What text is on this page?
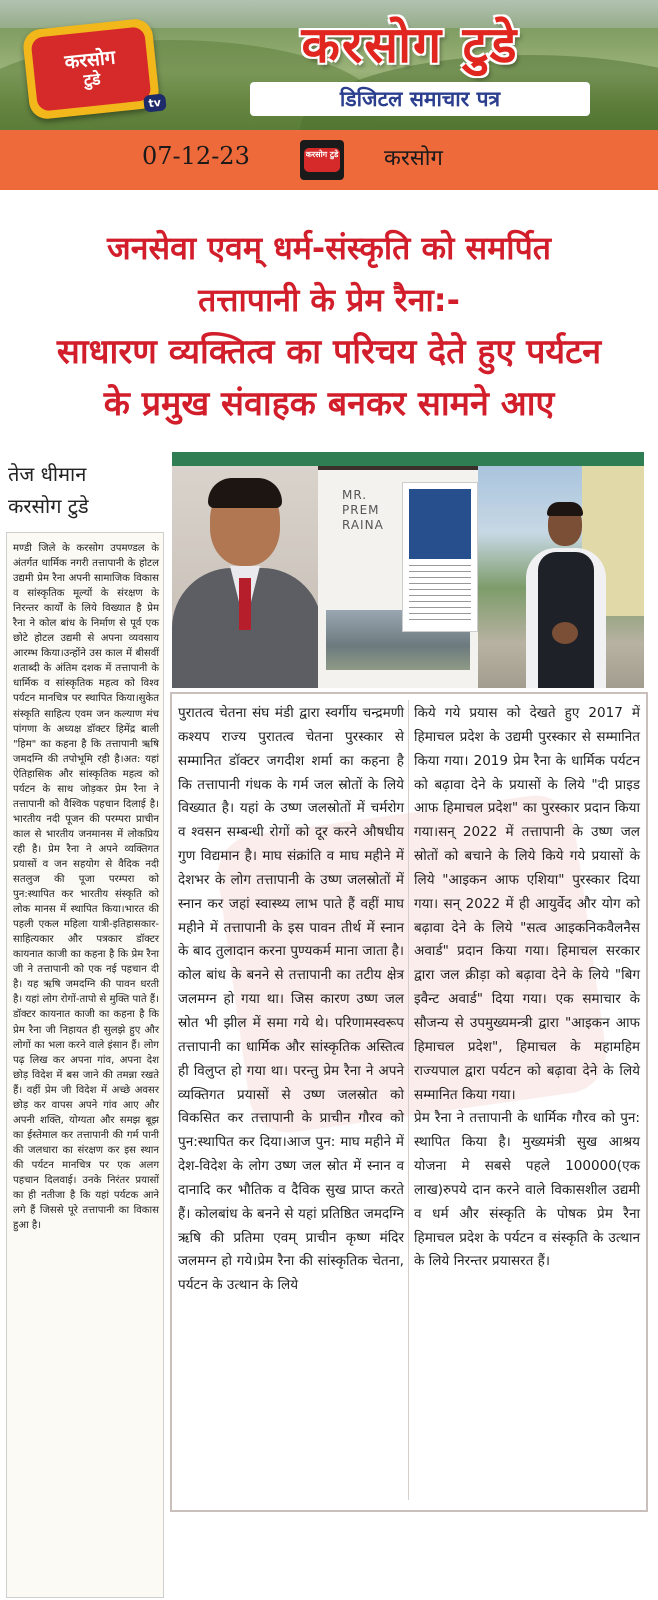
करसोग
टुडे
tv
करसोग टुडे
डिजिटल समाचार पत्र
07-12-23	करसोग टुडे करसोग
जनसेवा एवम् धर्म-संस्कृति को समर्पित
तत्तापानी के प्रेम रैना:-
साधारण व्यक्तित्व का परिचय देते हुए पर्यटन
के प्रमुख संवाहक बनकर सामने आए
तेज धीमान
करसोग टुडे	MR.
PREM
RAINA

मण्डी जिले के करसोग उपमण्डल के अंतर्गत धार्मिक नगरी तत्तापानी के होटल उद्यमी प्रेम रैना अपनी सामाजिक विकास व सांस्कृतिक मूल्यों के संरक्षण के निरन्तर कार्यों के लिये विख्यात है प्रेम रैना ने कोल बांध के निर्माण से पूर्व एक छोटे होटल उद्यमी से अपना व्यवसाय आरम्भ किया।उन्होंने उस काल में बीसवीं शताब्दी के अंतिम दशक में तत्तापानी के धार्मिक व सांस्कृतिक महत्व को विश्व पर्यटन मानचित्र पर स्थापित किया।सुकेत संस्कृति साहित्य एवम जन कल्याण मंच पांगणा के अध्यक्ष डॉक्टर हिमेंद्र बाली "हिम" का कहना है कि तत्तापानी ऋषि जमदग्नि की तपोभूमि रही है।अत: यहां ऐतिहासिक और सांस्कृतिक महत्व को पर्यटन के साथ जोड़कर प्रेम रैना ने तत्तापानी को वैश्विक पहचान दिलाई है। भारतीय नदी पूजन की परम्परा प्राचीन काल से भारतीय जनमानस में लोकप्रिय रही है। प्रेम रैना ने अपने व्यक्तिगत प्रयासों व जन सहयोग से वैदिक नदी सतलुज की पूजा परम्परा को पुन:स्थापित कर भारतीय संस्कृति को लोक मानस में स्थापित किया।भारत की पहली एकल महिला यात्री-इतिहासकार-साहित्यकार और पत्रकार डॉक्टर कायनात काजी का कहना है कि प्रेम रैना जी ने तत्तापानी को एक नई पहचान दी है। यह ऋषि जमदग्नि की पावन धरती है। यहां लोग रोगों-तापो से मुक्ति पाते हैं। डॉक्टर कायनात काजी का कहना है कि प्रेम रैना जी निहायत ही सुलझे हुए और लोगों का भला करने वाले इंसान हैं। लोग पढ़ लिख कर अपना गांव, अपना देश छोड़ विदेश में बस जाने की तमन्ना रखते हैं। वहीं प्रेम जी विदेश में अच्छे अवसर छोड़ कर वापस अपने गांव आए और अपनी शक्ति, योग्यता और समझ बूझ का ईस्तेमाल कर तत्तापानी की गर्म पानी की जलधारा का संरक्षण कर इस स्थान की पर्यटन मानचित्र पर एक अलग पहचान दिलवाई। उनके निरंतर प्रयासों का ही नतीजा है कि यहां पर्यटक आने लगे हैं जिससे पूरे तत्तापानी का विकास हुआ है।

पुरातत्व चेतना संघ मंडी द्वारा स्वर्गीय चन्द्रमणी कश्यप राज्य पुरातत्व चेतना पुरस्कार से सम्मानित डॉक्टर जगदीश शर्मा का कहना है कि तत्तापानी गंधक के गर्म जल स्रोतों के लिये विख्यात है। यहां के उष्ण जलस्रोतों में चर्मरोग व श्वसन सम्बन्धी रोगों को दूर करने औषधीय गुण विद्यमान है। माघ संक्रांति व माघ महीने में देशभर के लोग तत्तापानी के उष्ण जलस्रोतों में स्नान कर जहां स्वास्थ्य लाभ पाते हैं वहीं माघ महीने में तत्तापानी के इस पावन तीर्थ में स्नान के बाद तुलादान करना पुण्यकर्म माना जाता है। कोल बांध के बनने से तत्तापानी का तटीय क्षेत्र जलमग्न हो गया था। जिस कारण उष्ण जल स्रोत भी झील में समा गये थे। परिणामस्वरूप तत्तापानी का धार्मिक और सांस्कृतिक अस्तित्व ही विलुप्त हो गया था। परन्तु प्रेम रैना ने अपने व्यक्तिगत प्रयासों से उष्ण जलस्रोत को विकसित कर तत्तापानी के प्राचीन गौरव को पुन:स्थापित कर दिया।आज पुन: माघ महीने में देश-विदेश के लोग उष्ण जल स्रोत में स्नान व दानादि कर भौतिक व दैविक सुख प्राप्त करते हैं। कोलबांध के बनने से यहां प्रतिष्ठित जमदग्नि ऋषि की प्रतिमा एवम् प्राचीन कृष्ण मंदिर जलमग्न हो गये।प्रेम रैना की सांस्कृतिक चेतना, पर्यटन के उत्थान के लिये

किये गये प्रयास को देखते हुए 2017 में हिमाचल प्रदेश के उद्यमी पुरस्कार से सम्मानित किया गया। 2019 प्रेम रैना के धार्मिक पर्यटन को बढ़ावा देने के प्रयासों के लिये "दी प्राइड आफ हिमाचल प्रदेश" का पुरस्कार प्रदान किया गया।सन् 2022 में तत्तापानी के उष्ण जल स्रोतों को बचाने के लिये किये गये प्रयासों के लिये "आइकन आफ एशिया" पुरस्कार दिया गया। सन् 2022 में ही आयुर्वेद और योग को बढ़ावा देने के लिये "सत्व आइकनिकवैलनैस अवार्ड" प्रदान किया गया। हिमाचल सरकार द्वारा जल क्रीड़ा को बढ़ावा देने के लिये "बिग इवैन्ट अवार्ड" दिया गया। एक समाचार के सौजन्य से उपमुख्यमन्त्री द्वारा "आइकन आफ हिमाचल प्रदेश", हिमाचल के महामहिम राज्यपाल द्वारा पर्यटन को बढ़ावा देने के लिये सम्मानित किया गया।

प्रेम रैना ने तत्तापानी के धार्मिक गौरव को पुन: स्थापित किया है। मुख्यमंत्री सुख आश्रय योजना मे सबसे पहले 100000(एक लाख)रुपये दान करने वाले विकासशील उद्यमी व धर्म और संस्कृति के पोषक प्रेम रैना हिमाचल प्रदेश के पर्यटन व संस्कृति के उत्थान के लिये निरन्तर प्रयासरत हैं।
